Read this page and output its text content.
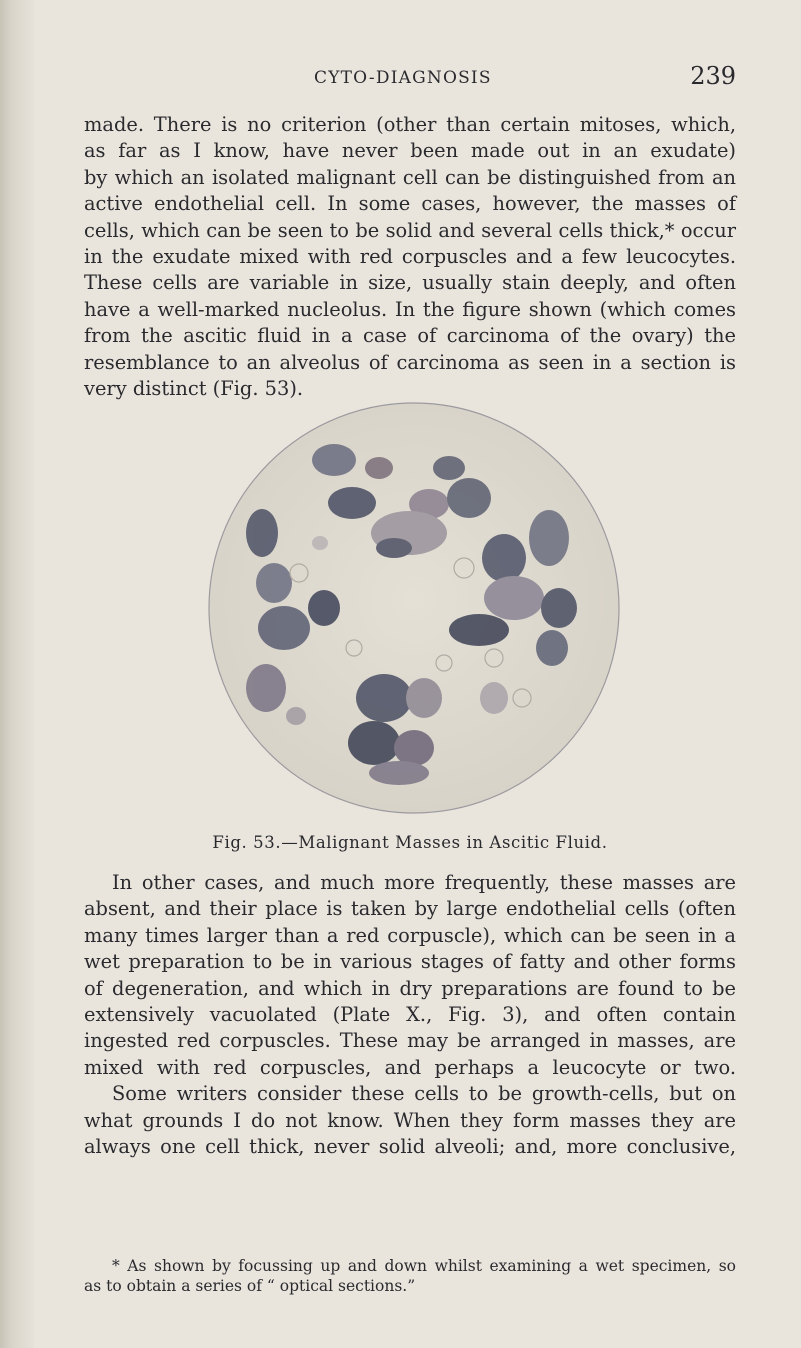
CYTO-DIAGNOSIS	239
made. There is no criterion (other than certain mitoses, which,
as far as I know, have never been made out in an exudate)
by which an isolated malignant cell can be distinguished from an
active endothelial cell. In some cases, however, the masses of
cells, which can be seen to be solid and several cells thick,* occur
in the exudate mixed with red corpuscles and a few leucocytes.
These cells are variable in size, usually stain deeply, and often
have a well-marked nucleolus. In the figure shown (which comes
from the ascitic fluid in a case of carcinoma of the ovary) the
resemblance to an alveolus of carcinoma as seen in a section is
very distinct (Fig. 53).
Fig. 53.—Malignant Masses in Ascitic Fluid.
In other cases, and much more frequently, these masses are
absent, and their place is taken by large endothelial cells (often
many times larger than a red corpuscle), which can be seen in a
wet preparation to be in various stages of fatty and other forms
of degeneration, and which in dry preparations are found to be
extensively vacuolated (Plate X., Fig. 3), and often contain
ingested red corpuscles. These may be arranged in masses, are
mixed with red corpuscles, and perhaps a leucocyte or two.
Some writers consider these cells to be growth-cells, but on
what grounds I do not know. When they form masses they are
always one cell thick, never solid alveoli; and, more conclusive,
* As shown by focussing up and down whilst examining a wet specimen, so
as to obtain a series of “ optical sections.”
